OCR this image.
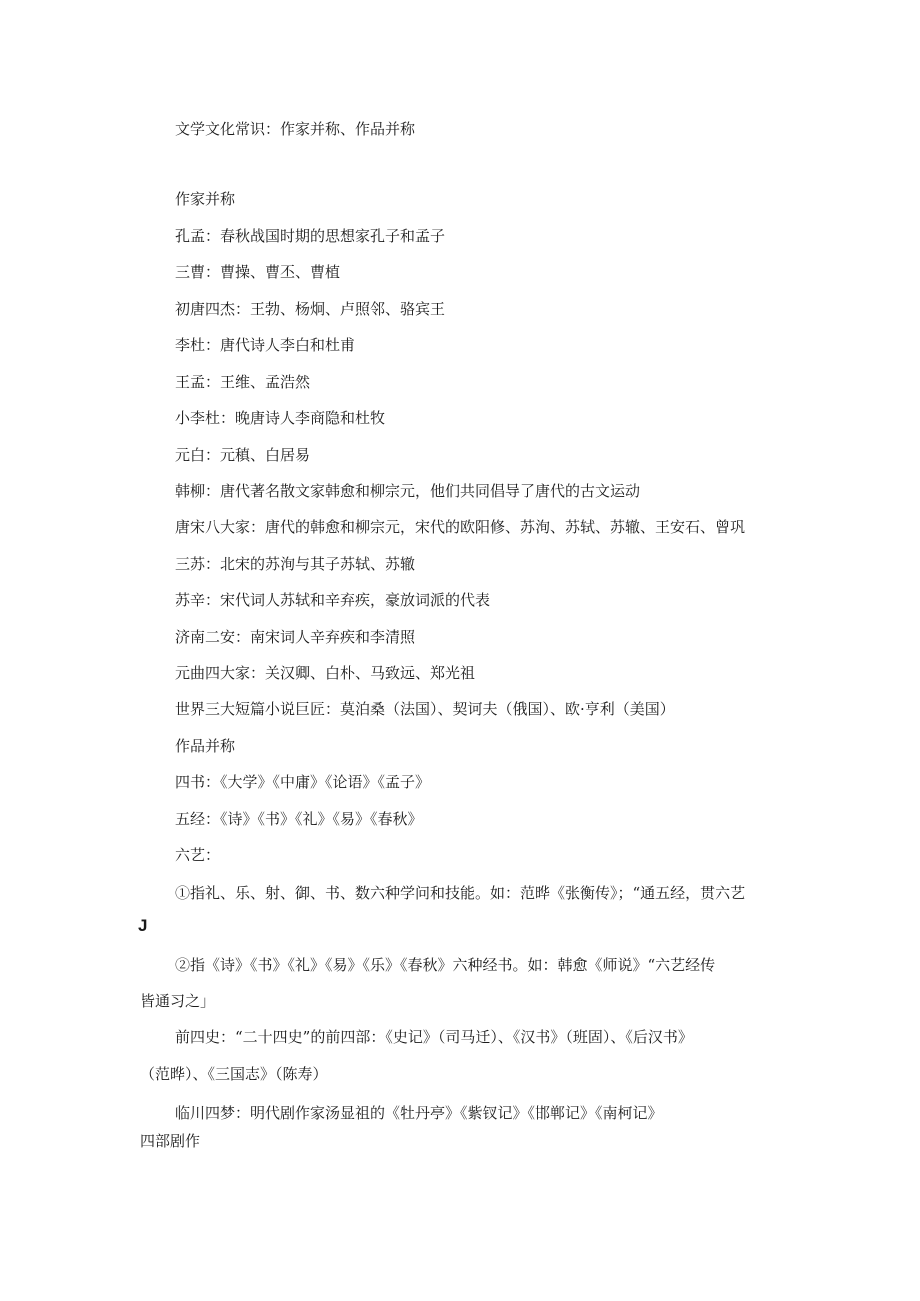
文学文化常识：作家并称、作品并称
作家并称
孔孟：春秋战国时期的思想家孔子和孟子
三曹：曹操、曹丕、曹植
初唐四杰：王勃、杨炯、卢照邻、骆宾王
李杜：唐代诗人李白和杜甫
王孟：王维、孟浩然
小李杜：晚唐诗人李商隐和杜牧
元白：元稹、白居易
韩柳：唐代著名散文家韩愈和柳宗元，他们共同倡导了唐代的古文运动
唐宋八大家：唐代的韩愈和柳宗元，宋代的欧阳修、苏洵、苏轼、苏辙、王安石、曾巩
三苏：北宋的苏洵与其子苏轼、苏辙
苏辛：宋代词人苏轼和辛弃疾，豪放词派的代表
济南二安：南宋词人辛弃疾和李清照
元曲四大家：关汉卿、白朴、马致远、郑光祖
世界三大短篇小说巨匠：莫泊桑（法国）、契诃夫（俄国）、欧·亨利（美国）
作品并称
四书：《大学》《中庸》《论语》《孟子》
五经：《诗》《书》《礼》《易》《春秋》
六艺：
①指礼、乐、射、御、书、数六种学问和技能。如：范晔《张衡传》；“通五经，贯六艺
J
②指《诗》《书》《礼》《易》《乐》《春秋》六种经书。如：韩愈《师说》“六艺经传
皆通习之」
前四史：“二十四史”的前四部：《史记》（司马迁）、《汉书》（班固）、《后汉书》
（范晔）、《三国志》（陈寿）
临川四梦：明代剧作家汤显祖的《牡丹亭》《紫钗记》《邯郸记》《南柯记》
四部剧作
